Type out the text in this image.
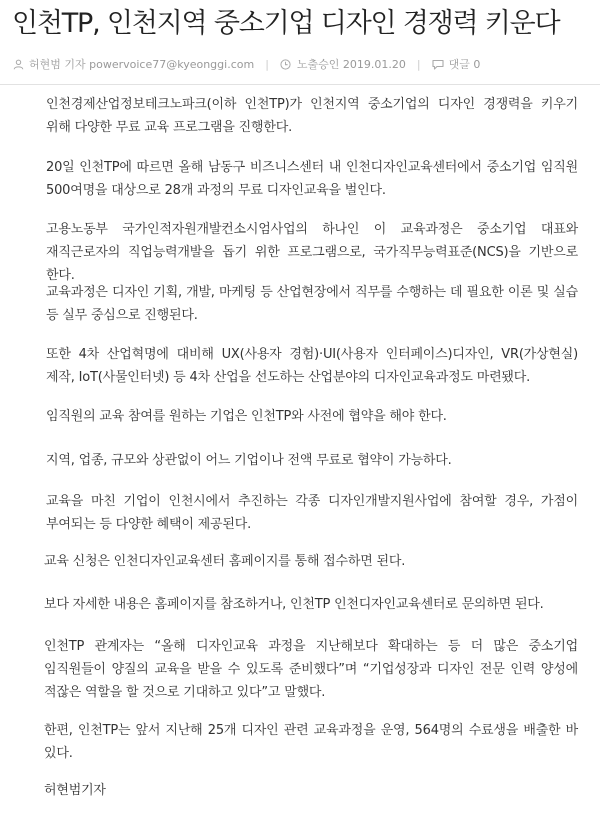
인천TP, 인천지역 중소기업 디자인 경쟁력 키운다
허현범 기자 powervoice77@kyeonggi.com |	노출승인 2019.01.20 |	댓글 0

인천경제산업정보테크노파크(이하 인천TP)가 인천지역 중소기업의 디자인 경쟁력을 키우기 위해 다양한 무료 교육 프로그램을 진행한다.

20일 인천TP에 따르면 올해 남동구 비즈니스센터 내 인천디자인교육센터에서 중소기업 임직원 500여명을 대상으로 28개 과정의 무료 디자인교육을 벌인다.

고용노동부 국가인적자원개발컨소시엄사업의 하나인 이 교육과정은 중소기업 대표와 재직근로자의 직업능력개발을 돕기 위한 프로그램으로, 국가직무능력표준(NCS)을 기반으로 한다.

교육과정은 디자인 기획, 개발, 마케팅 등 산업현장에서 직무를 수행하는 데 필요한 이론 및 실습 등 실무 중심으로 진행된다.

또한 4차 산업혁명에 대비해 UX(사용자 경험)·UI(사용자 인터페이스)디자인, VR(가상현실)제작, IoT(사물인터넷) 등 4차 산업을 선도하는 산업분야의 디자인교육과정도 마련됐다.

임직원의 교육 참여를 원하는 기업은 인천TP와 사전에 협약을 해야 한다.

지역, 업종, 규모와 상관없이 어느 기업이나 전액 무료로 협약이 가능하다.

교육을 마친 기업이 인천시에서 추진하는 각종 디자인개발지원사업에 참여할 경우, 가점이 부여되는 등 다양한 혜택이 제공된다.

교육 신청은 인천디자인교육센터 홈페이지를 통해 접수하면 된다.

보다 자세한 내용은 홈페이지를 참조하거나, 인천TP 인천디자인교육센터로 문의하면 된다.

인천TP 관계자는 “올해 디자인교육 과정을 지난해보다 확대하는 등 더 많은 중소기업 임직원들이 양질의 교육을 받을 수 있도록 준비했다”며 “기업성장과 디자인 전문 인력 양성에 적잖은 역할을 할 것으로 기대하고 있다”고 말했다.

한편, 인천TP는 앞서 지난해 25개 디자인 관련 교육과정을 운영, 564명의 수료생을 배출한 바 있다.

허현범기자
